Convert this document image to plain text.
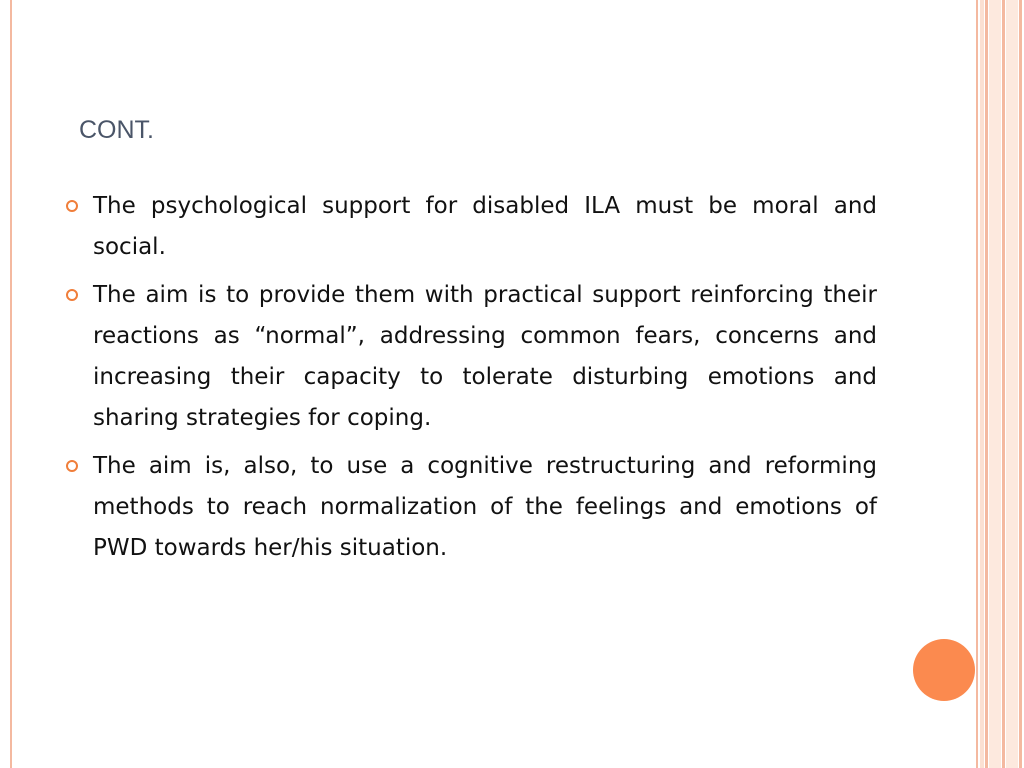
CONT.
The psychological support for disabled ILA must be moral and social.
The aim is to provide them with practical support reinforcing their reactions as “normal”, addressing common fears, concerns and increasing their capacity to tolerate disturbing emotions and sharing strategies for coping.
The aim is, also, to use a cognitive restructuring and reforming methods to reach normalization of the feelings and emotions of PWD towards her/his situation.
